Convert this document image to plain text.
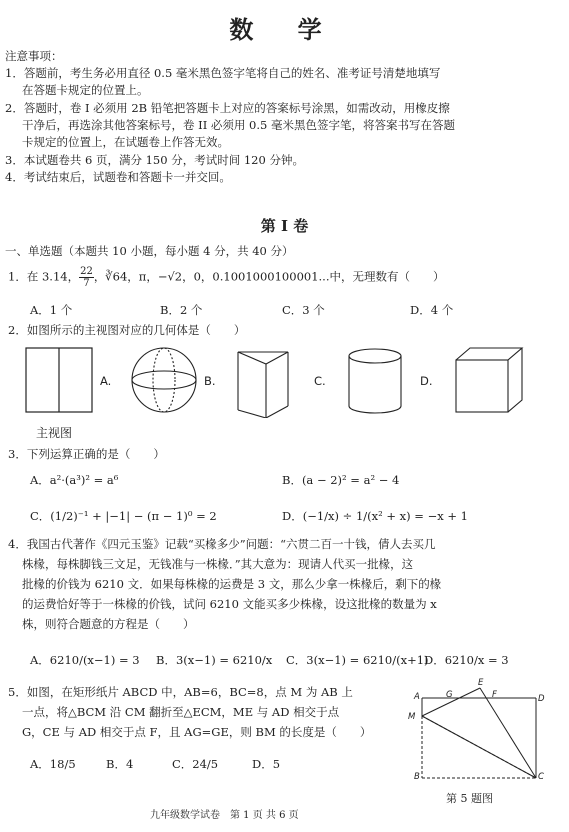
数 学
注意事项：
1．答题前，考生务必用直径 0.5 毫米黑色签字笔将自己的姓名、准考证号清楚地填写
在答题卡规定的位置上。
2．答题时，卷 I 必须用 2B 铅笔把答题卡上对应的答案标号涂黑，如需改动，用橡皮擦
干净后，再选涂其他答案标号，卷 II 必须用 0.5 毫米黑色签字笔，将答案书写在答题
卡规定的位置上，在试题卷上作答无效。
3．本试题卷共 6 页，满分 150 分，考试时间 120 分钟。
4．考试结束后，试题卷和答题卡一并交回。
第 I 卷
一、单选题（本题共 10 小题，每小题 4 分，共 40 分）
1．在 3.14， $\frac{22}{7}$ ，∛64，π，−√2，0，0.1001000100001...中，无理数有（　　）
A．1 个	B．2 个	C．3 个	D．4 个
2．如图所示的主视图对应的几何体是（　　）
A.	B.	C.	D.
主视图
3．下列运算正确的是（　　）
A．a²·(a³)² = a⁶	B．(a − 2)² = a² − 4
C．(1/2)⁻¹ + |−1| − (π − 1)⁰ = 2	D．(−1/x) ÷ 1/(x² + x) = −x + 1
4．我国古代著作《四元玉鉴》记载“买椽多少”问题：“六贯二百一十钱，倩人去买几
株椽，每株脚钱三文足，无钱准与一株椽．”其大意为：现请人代买一批椽，这
批椽的价钱为 6210 文．如果每株椽的运费是 3 文，那么少拿一株椽后，剩下的椽
的运费恰好等于一株椽的价钱，试问 6210 文能买多少株椽，设这批椽的数量为 x
株，则符合题意的方程是（　　）
A．6210/(x−1) = 3 B．3(x−1) = 6210/x C．3(x−1) = 6210/(x+1)
D．6210/x = 3
5．如图，在矩形纸片 ABCD 中，AB=6，BC=8，点 M 为 AB 上
一点，将△BCM 沿 CM 翻折至△ECM，ME 与 AD 相交于点
G，CE 与 AD 相交于点 F，且 AG=GE，则 BM 的长度是（　　）
A．18/5	B．4	C．24/5	D．5
G
E
A	F	D
M
B	C
第 5 题图
九年级数学试卷　第 1 页 共 6 页
